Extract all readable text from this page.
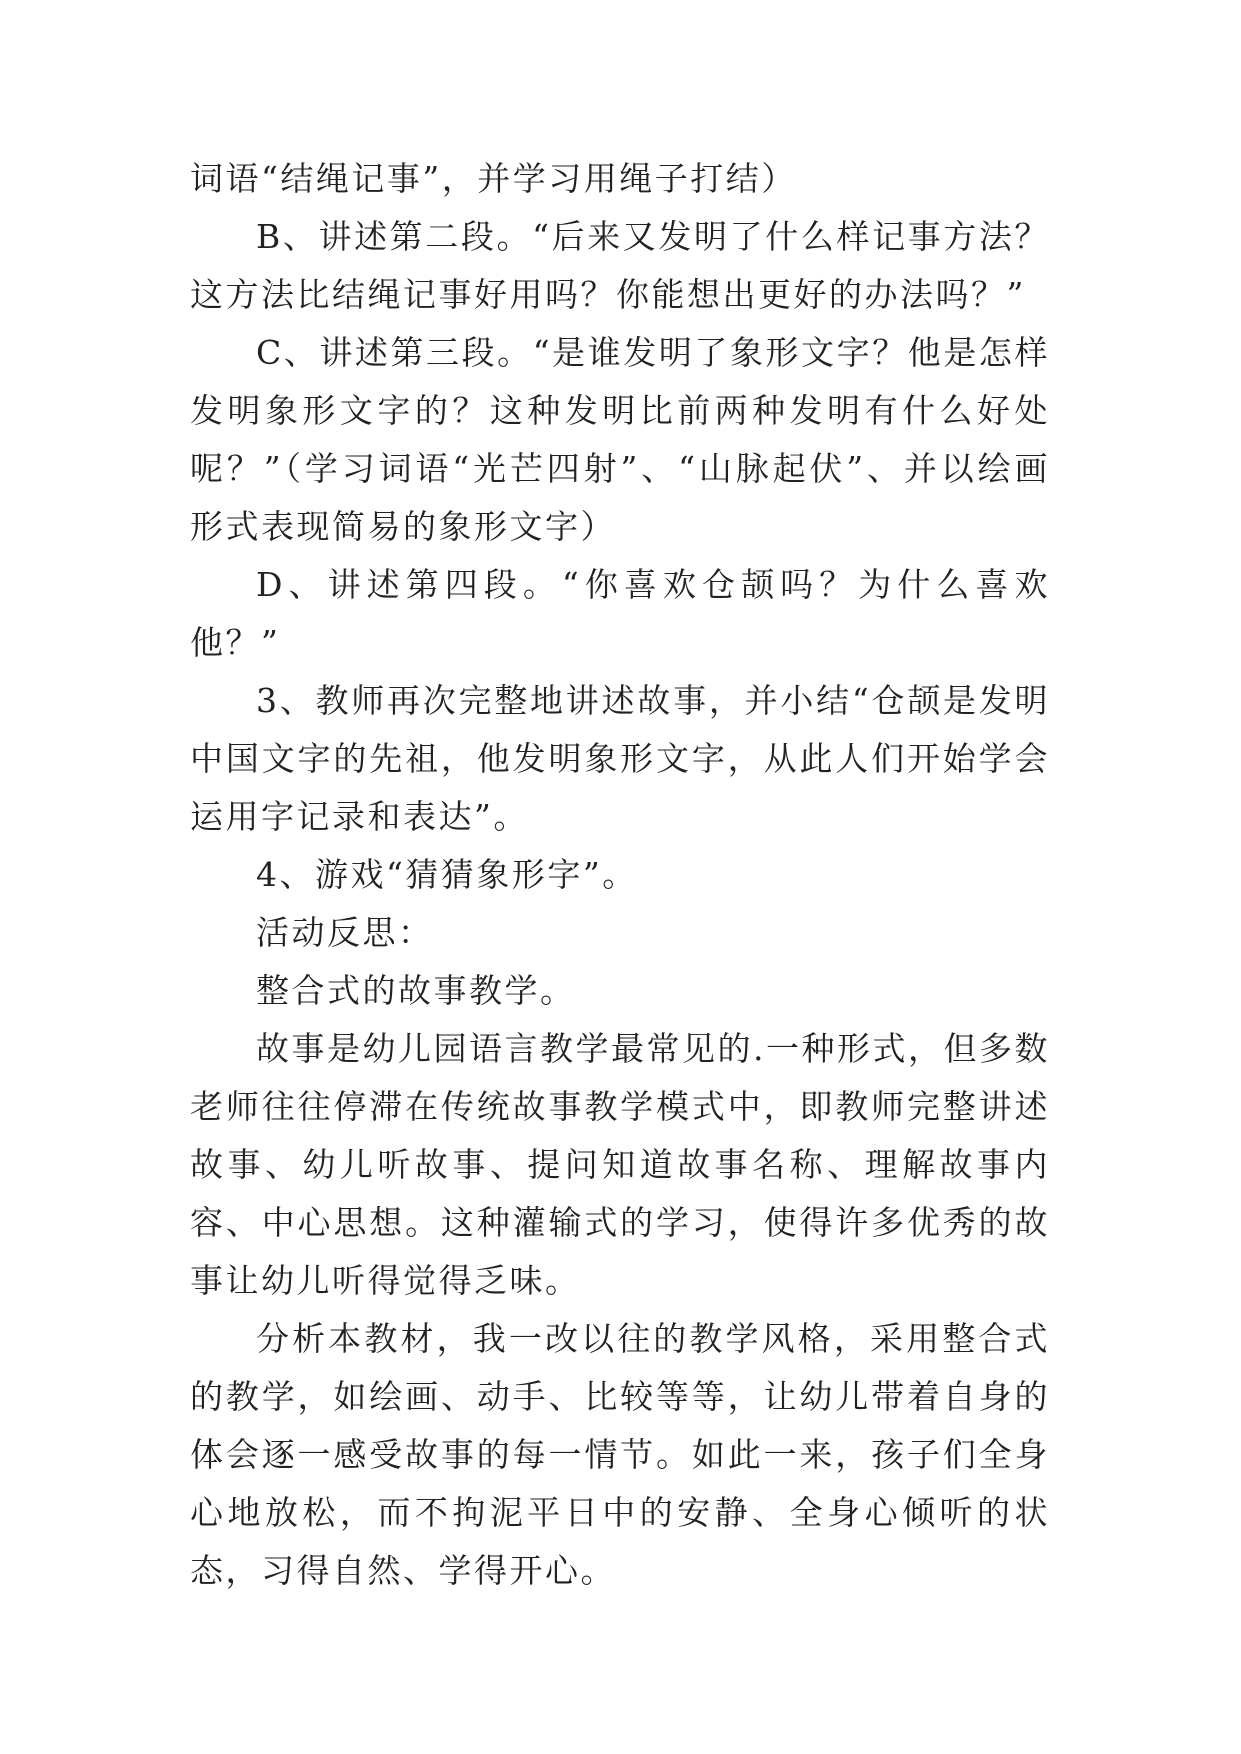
词语“结绳记事”，并学习用绳子打结）

B、讲述第二段。“后来又发明了什么样记事方法？这方法比结绳记事好用吗？你能想出更好的办法吗？”

C、讲述第三段。“是谁发明了象形文字？他是怎样发明象形文字的？这种发明比前两种发明有什么好处呢？”（学习词语“光芒四射”、“山脉起伏”、并以绘画形式表现简易的象形文字）

D、讲述第四段。“你喜欢仓颉吗？为什么喜欢他？”

3、教师再次完整地讲述故事，并小结“仓颉是发明中国文字的先祖，他发明象形文字，从此人们开始学会运用字记录和表达”。

4、游戏“猜猜象形字”。

活动反思：

整合式的故事教学。

故事是幼儿园语言教学最常见的.一种形式，但多数老师往往停滞在传统故事教学模式中，即教师完整讲述故事、幼儿听故事、提问知道故事名称、理解故事内容、中心思想。这种灌输式的学习，使得许多优秀的故事让幼儿听得觉得乏味。

分析本教材，我一改以往的教学风格，采用整合式的教学，如绘画、动手、比较等等，让幼儿带着自身的体会逐一感受故事的每一情节。如此一来，孩子们全身心地放松，而不拘泥平日中的安静、全身心倾听的状态，习得自然、学得开心。
